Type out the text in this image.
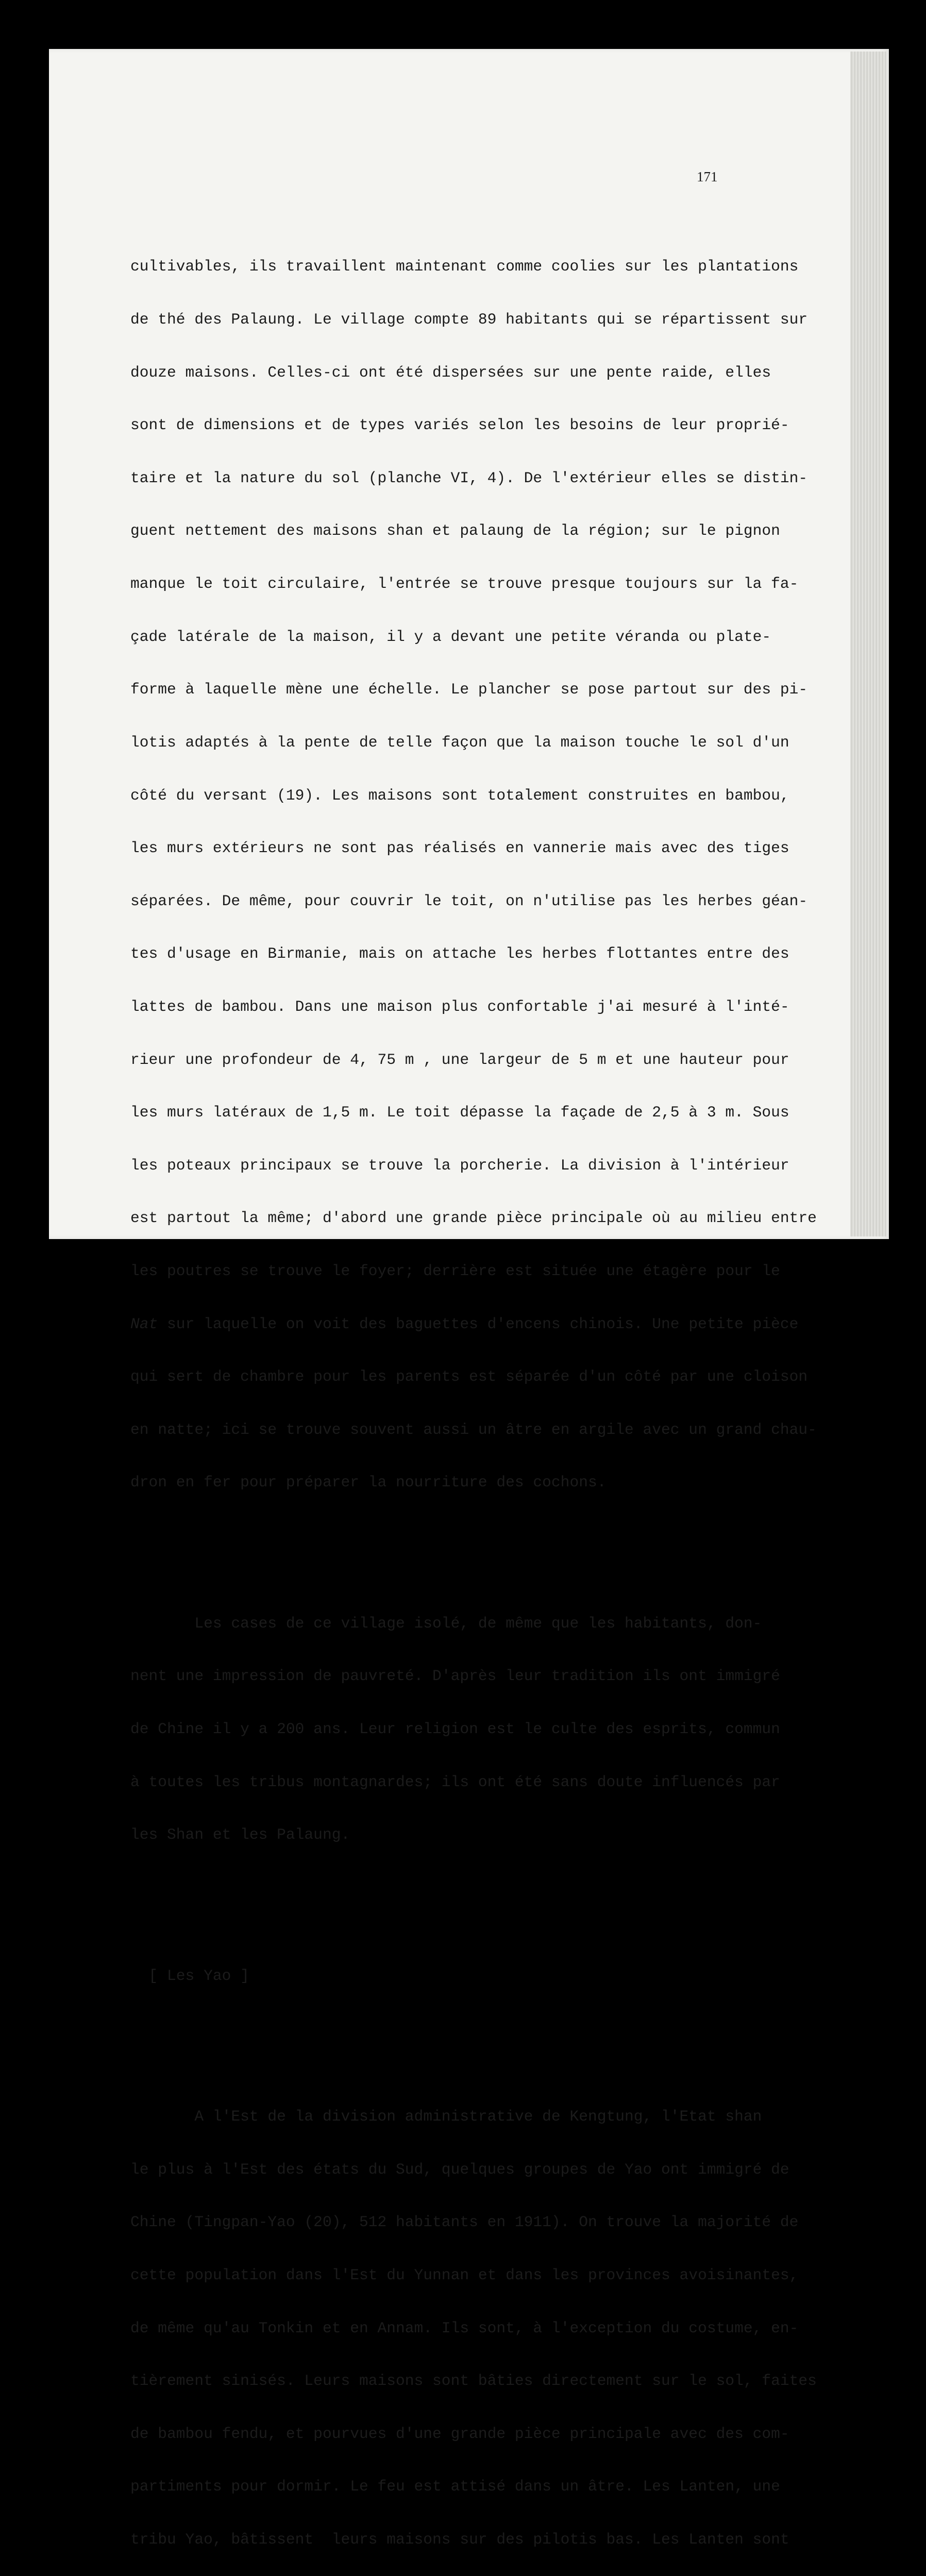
171

cultivables, ils travaillent maintenant comme coolies sur les plantations

de thé des Palaung. Le village compte 89 habitants qui se répartissent sur

douze maisons. Celles-ci ont été dispersées sur une pente raide, elles

sont de dimensions et de types variés selon les besoins de leur proprié-

taire et la nature du sol (planche VI, 4). De l'extérieur elles se distin-

guent nettement des maisons shan et palaung de la région; sur le pignon

manque le toit circulaire, l'entrée se trouve presque toujours sur la fa-

çade latérale de la maison, il y a devant une petite véranda ou plate-

forme à laquelle mène une échelle. Le plancher se pose partout sur des pi-

lotis adaptés à la pente de telle façon que la maison touche le sol d'un

côté du versant (19). Les maisons sont totalement construites en bambou,

les murs extérieurs ne sont pas réalisés en vannerie mais avec des tiges

séparées. De même, pour couvrir le toit, on n'utilise pas les herbes géan-

tes d'usage en Birmanie, mais on attache les herbes flottantes entre des

lattes de bambou. Dans une maison plus confortable j'ai mesuré à l'inté-

rieur une profondeur de 4, 75 m , une largeur de 5 m et une hauteur pour

les murs latéraux de 1,5 m. Le toit dépasse la façade de 2,5 à 3 m. Sous

les poteaux principaux se trouve la porcherie. La division à l'intérieur

est partout la même; d'abord une grande pièce principale où au milieu entre

les poutres se trouve le foyer; derrière est située une étagère pour le

Nat sur laquelle on voit des baguettes d'encens chinois. Une petite pièce

qui sert de chambre pour les parents est séparée d'un côté par une cloison

en natte; ici se trouve souvent aussi un âtre en argile avec un grand chau-

dron en fer pour préparer la nourriture des cochons.

Les cases de ce village isolé, de même que les habitants, don-

nent une impression de pauvreté. D'après leur tradition ils ont immigré

de Chine il y a 200 ans. Leur religion est le culte des esprits, commun

à toutes les tribus montagnardes; ils ont été sans doute influencés par

les Shan et les Palaung.

[ Les Yao ]

A l'Est de la division administrative de Kengtung, l'Etat shan

le plus à l'Est des états du Sud, quelques groupes de Yao ont immigré de

Chine (Tingpan-Yao (20), 512 habitants en 1911). On trouve la majorité de

cette population dans l'Est du Yunnan et dans les provinces avoisinantes,

de même qu'au Tonkin et en Annam. Ils sont, à l'exception du costume, en-

tièrement sinisés. Leurs maisons sont bâties directement sur le sol, faites

de bambou fendu, et pourvues d'une grande pièce principale avec des com-

partiments pour dormir. Le feu est attisé dans un âtre. Les Lanten, une

tribu Yao, bâtissent  leurs maisons sur des pilotis bas. Les Lanten sont
